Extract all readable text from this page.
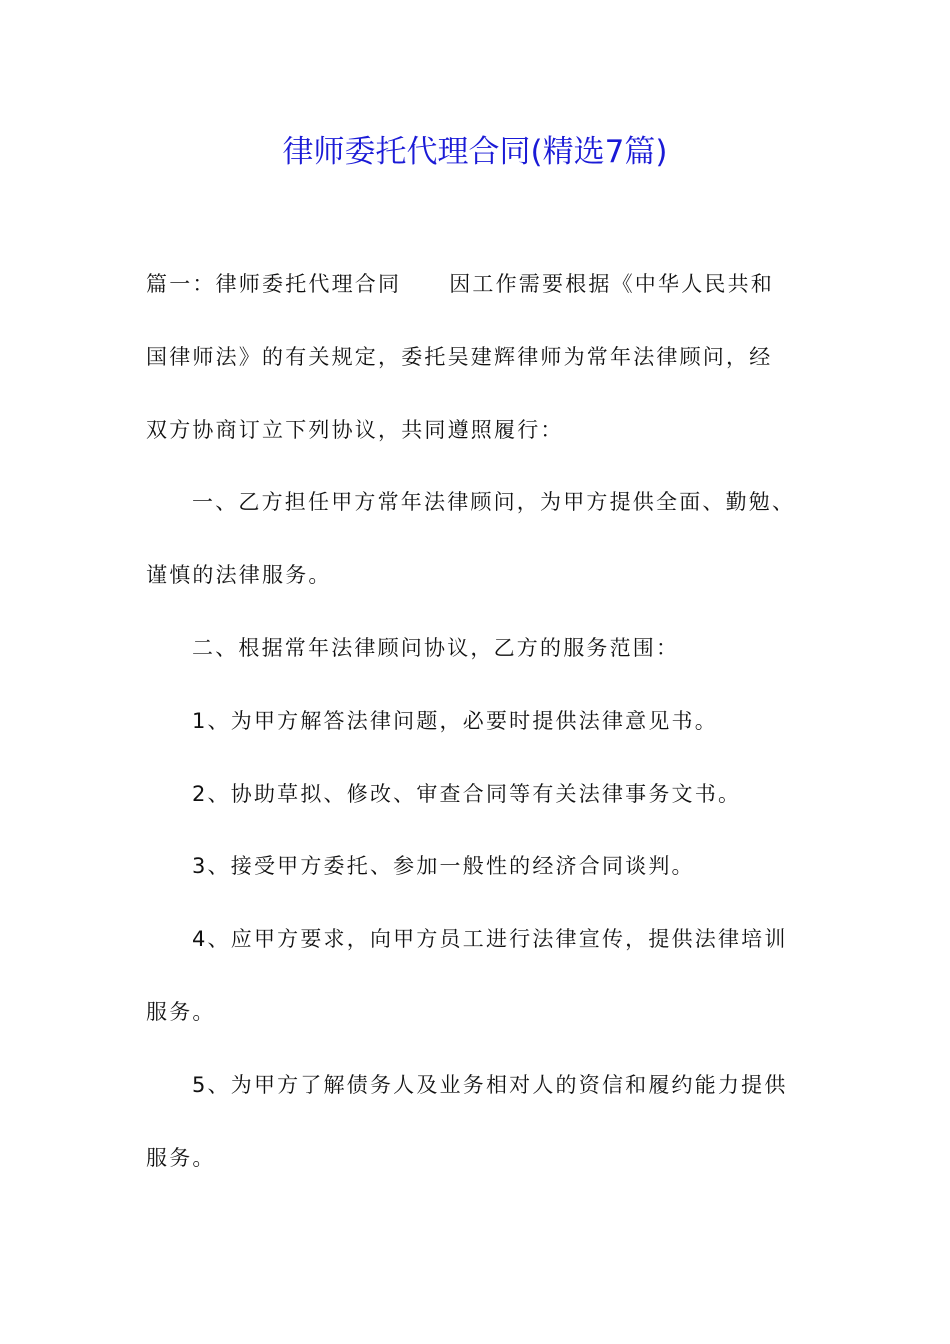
律师委托代理合同(精选7篇)
篇一：律师委托代理合同 因工作需要根据《中华人民共和
国律师法》的有关规定，委托吴建辉律师为常年法律顾问，经
双方协商订立下列协议，共同遵照履行：
一、乙方担任甲方常年法律顾问，为甲方提供全面、勤勉、
谨慎的法律服务。
二、根据常年法律顾问协议，乙方的服务范围：
1、为甲方解答法律问题，必要时提供法律意见书。
2、协助草拟、修改、审查合同等有关法律事务文书。
3、接受甲方委托、参加一般性的经济合同谈判。
4、应甲方要求，向甲方员工进行法律宣传，提供法律培训
服务。
5、为甲方了解债务人及业务相对人的资信和履约能力提供
服务。
